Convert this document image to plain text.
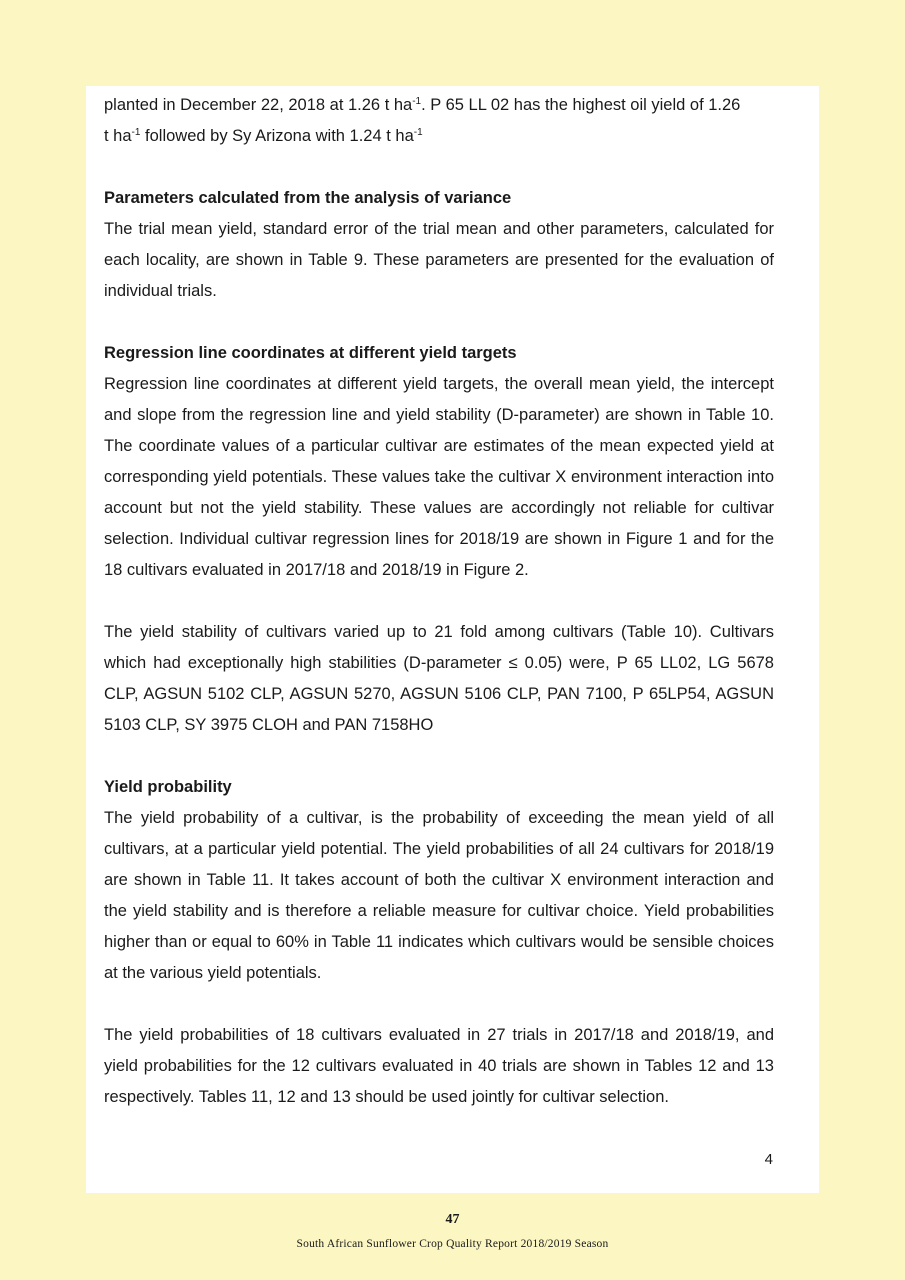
planted in December 22, 2018 at 1.26 t $ha^{-1}$. P 65 LL 02 has the highest oil yield of 1.26
t $ha^{-1}$ followed by Sy Arizona with 1.24 t $ha^{-1}$

Parameters calculated from the analysis of variance

The trial mean yield, standard error of the trial mean and other parameters, calculated for each locality, are shown in Table 9. These parameters are presented for the evaluation of individual trials.

Regression line coordinates at different yield targets

Regression line coordinates at different yield targets, the overall mean yield, the intercept and slope from the regression line and yield stability (D-parameter) are shown in Table 10. The coordinate values of a particular cultivar are estimates of the mean expected yield at corresponding yield potentials. These values take the cultivar X environment interaction into account but not the yield stability. These values are accordingly not reliable for cultivar selection. Individual cultivar regression lines for 2018/19 are shown in Figure 1 and for the 18 cultivars evaluated in 2017/18 and 2018/19 in Figure 2.

The yield stability of cultivars varied up to 21 fold among cultivars (Table 10). Cultivars which had exceptionally high stabilities (D-parameter ≤ 0.05) were, P 65 LL02, LG 5678 CLP, AGSUN 5102 CLP, AGSUN 5270, AGSUN 5106 CLP, PAN 7100, P 65LP54, AGSUN 5103 CLP, SY 3975 CLOH and PAN 7158HO

Yield probability

The yield probability of a cultivar, is the probability of exceeding the mean yield of all cultivars, at a particular yield potential. The yield probabilities of all 24 cultivars for 2018/19 are shown in Table 11. It takes account of both the cultivar X environment interaction and the yield stability and is therefore a reliable measure for cultivar choice. Yield probabilities higher than or equal to 60% in Table 11 indicates which cultivars would be sensible choices at the various yield potentials.

The yield probabilities of 18 cultivars evaluated in 27 trials in 2017/18 and 2018/19, and yield probabilities for the 12 cultivars evaluated in 40 trials are shown in Tables 12 and 13 respectively. Tables 11, 12 and 13 should be used jointly for cultivar selection.

4
47
South African Sunflower Crop Quality Report 2018/2019 Season
